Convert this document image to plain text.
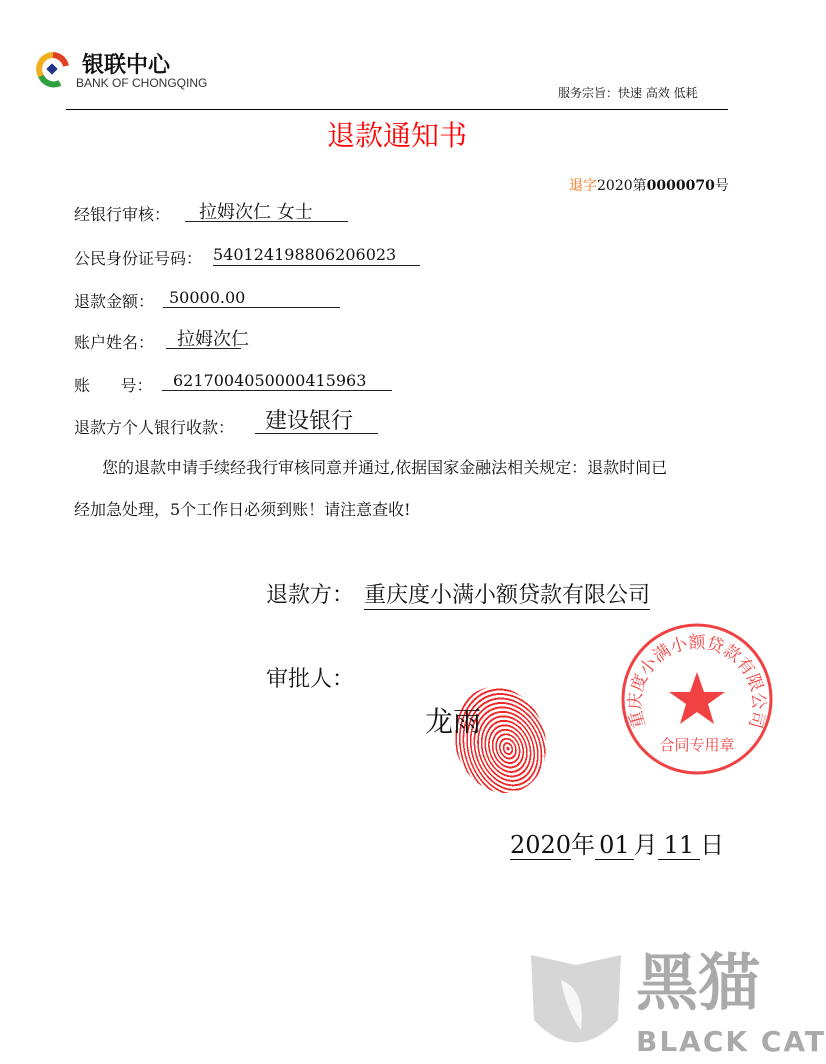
银联中心
BANK OF CHONGQING
服务宗旨：快速 高效 低耗
退款通知书
退字2020第0000070号
经银行审核：	拉姆次仁 女士
公民身份证号码： 540124198806206023
退款金额： 50000.00
账户姓名：	拉姆次仁
账      号：	6217004050000415963
退款方个人银行收款：	建设银行
您的退款申请手续经我行审核同意并通过,依据国家金融法相关规定：退款时间已
经加急处理，5个工作日必须到账！请注意查收!
退款方： 重庆度小满小额贷款有限公司
审批人：
龙雨	重庆度小满小额贷款有限公司
合同专用章
2020年 01 月 11 日
黑猫
BLACK CAT
